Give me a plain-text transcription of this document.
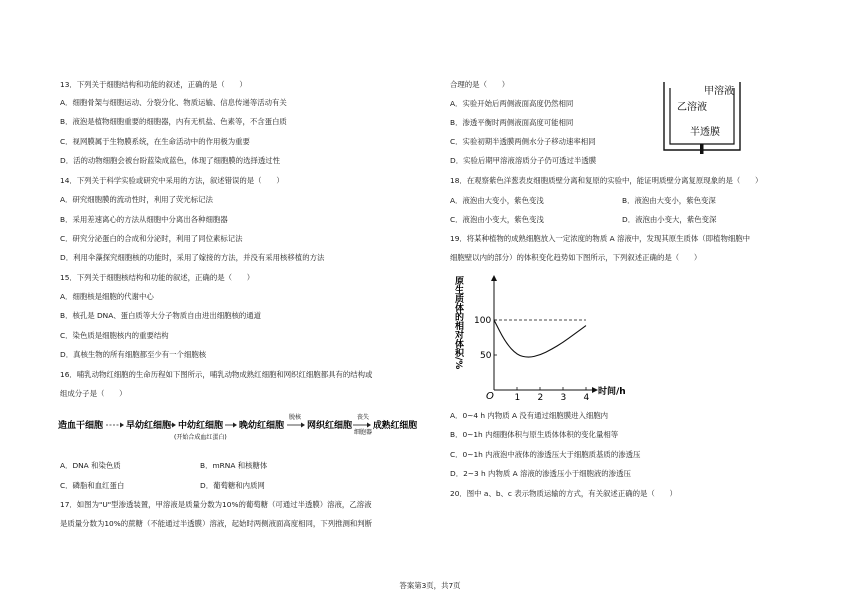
13．下列关于细胞结构和功能的叙述，正确的是（　　）
A．细胞骨架与细胞运动、分裂分化、物质运输、信息传递等活动有关
B．液泡是植物细胞重要的细胞器，内有无机盐、色素等，不含蛋白质
C．视网膜属于生物膜系统，在生命活动中的作用极为重要
D．活的动物细胞会被台盼蓝染成蓝色，体现了细胞膜的选择透过性
14．下列关于科学实验或研究中采用的方法，叙述错误的是（　　）
A．研究细胞膜的流动性时，利用了荧光标记法
B．采用差速离心的方法从细胞中分离出各种细胞器
C．研究分泌蛋白的合成和分泌时，利用了同位素标记法
D．利用伞藻探究细胞核的功能时，采用了嫁接的方法，并没有采用核移植的方法
15．下列关于细胞核结构和功能的叙述，正确的是（　　）
A．细胞核是细胞的代谢中心
B．核孔是 DNA、蛋白质等大分子物质自由进出细胞核的通道
C．染色质是细胞核内的重要结构
D．真核生物的所有细胞都至少有一个细胞核
16．哺乳动物红细胞的生命历程如下图所示，哺乳动物成熟红细胞和网织红细胞都具有的结构或
组成分子是（　　）
造血干细胞	早幼红细胞 中幼红细胞
(开始合成血红蛋白)
晚幼红细胞
脱核
网织红细胞
丧失
细胞器
成熟红细胞
A．DNA 和染色质	B．mRNA 和核糖体
C．磷脂和血红蛋白	D．葡萄糖和内质网
17．如图为"U"型渗透装置，甲溶液是质量分数为10%的葡萄糖（可通过半透膜）溶液，乙溶液
是质量分数为10%的蔗糖（不能通过半透膜）溶液，起始时两侧液面高度相同，下列推测和判断
合理的是（　　）
A．实验开始后两侧液面高度仍然相同
B．渗透平衡时两侧液面高度可能相同
C．实验初期半透膜两侧水分子移动速率相同
D．实验后期甲溶液溶质分子仍可透过半透膜
甲溶液
乙溶液
半透膜
18．在观察紫色洋葱表皮细胞质壁分离和复原的实验中，能证明质壁分离复原现象的是（　　）
A．液泡由大变小，紫色变浅	B．液泡由大变小，紫色变深
C．液泡由小变大，紫色变浅	D．液泡由小变大，紫色变深
19．将某种植物的成熟细胞放入一定浓度的物质 A 溶液中，发现其原生质体（即植物细胞中
细胞壁以内的部分）的体积变化趋势如下图所示，下列叙述正确的是（　　）
原生质体的相对体积/%
O	时间/h
1 2 3 4
50
100
A．0~4 h 内物质 A 没有通过细胞膜进入细胞内
B．0~1h 内细胞体积与原生质体体积的变化量相等
C．0~1h 内液泡中液体的渗透压大于细胞质基质的渗透压
D．2~3 h 内物质 A 溶液的渗透压小于细胞液的渗透压
20．图中 a、b、c 表示物质运输的方式，有关叙述正确的是（　　）
答案第3页，共7页
